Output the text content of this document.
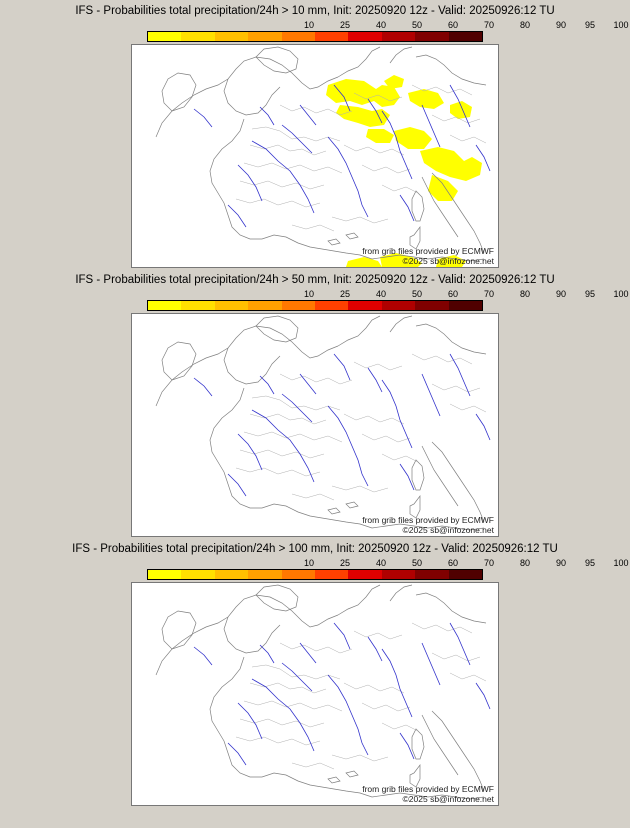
IFS - Probabilities total precipitation/24h > 10 mm, Init: 20250920 12z - Valid: 20250926:12 TU
10	25	40	50	60	70	80	90 95 100
from grib files provided by ECMWF
©2025 sb@infozone.net
IFS - Probabilities total precipitation/24h > 50 mm, Init: 20250920 12z - Valid: 20250926:12 TU
10	25	40	50	60	70	80	90 95 100
from grib files provided by ECMWF
©2025 sb@infozone.net
IFS - Probabilities total precipitation/24h > 100 mm, Init: 20250920 12z - Valid: 20250926:12 TU
10	25	40	50	60	70	80	90 95 100
from grib files provided by ECMWF
©2025 sb@infozone.net
